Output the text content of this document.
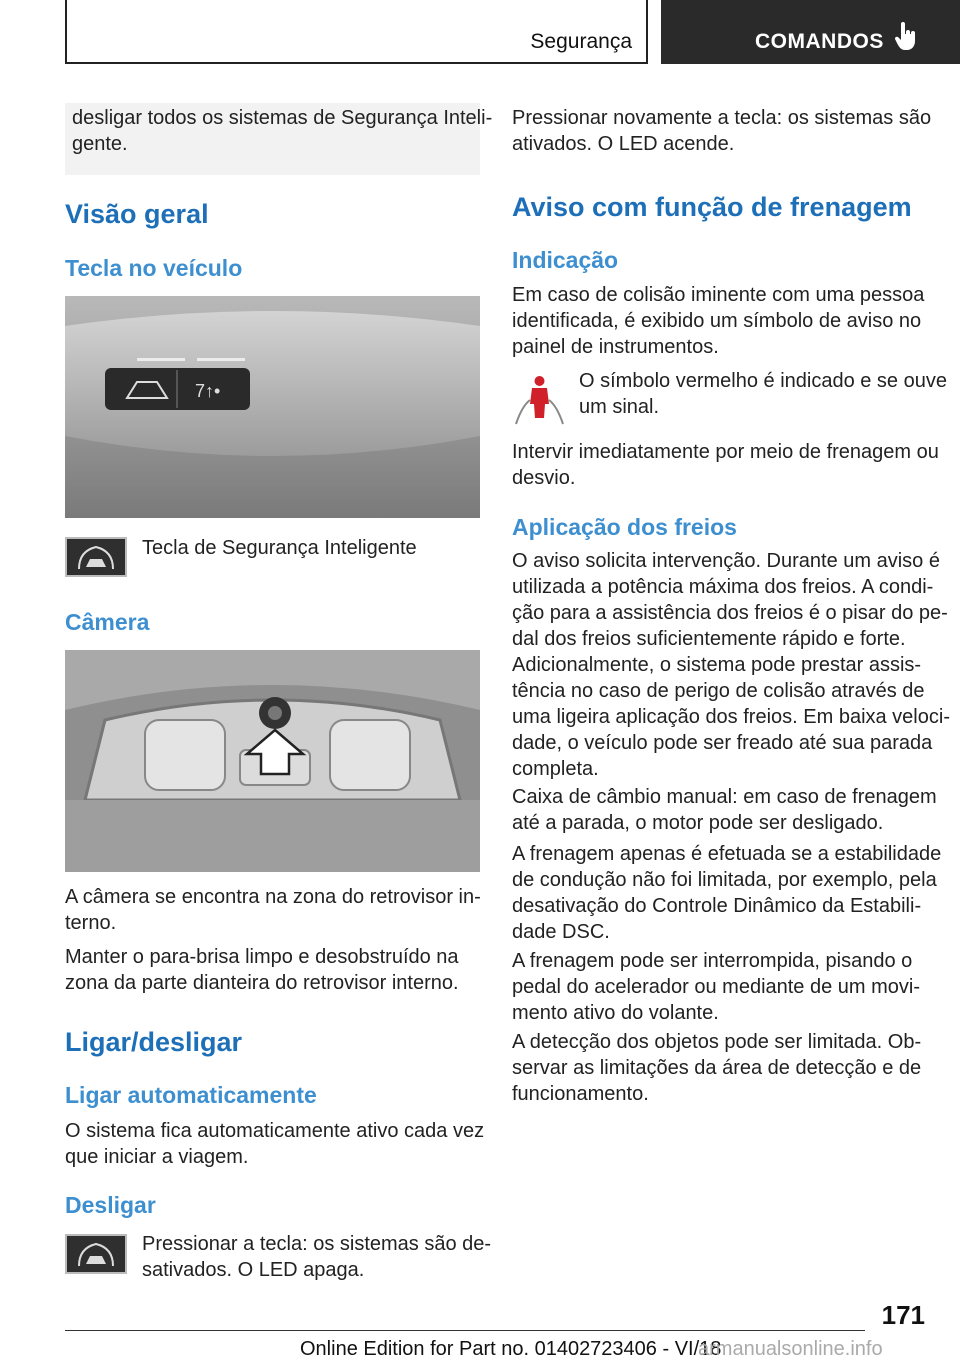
Segurança	COMANDOS
desligar todos os sistemas de Segurança Inteli‐
gente.
Visão geral
Tecla no veículo
7↑•
Tecla de Segurança Inteligente
Câmera
A câmera se encontra na zona do retrovisor in‐
terno.
Manter o para-brisa limpo e desobstruído na
zona da parte dianteira do retrovisor interno.
Ligar/desligar
Ligar automaticamente
O sistema fica automaticamente ativo cada vez
que iniciar a viagem.
Desligar
Pressionar a tecla: os sistemas são de‐
sativados. O LED apaga.
Pressionar novamente a tecla: os sistemas são
ativados. O LED acende.
Aviso com função de frenagem
Indicação
Em caso de colisão iminente com uma pessoa
identificada, é exibido um símbolo de aviso no
painel de instrumentos.
O símbolo vermelho é indicado e se ouve
um sinal.
Intervir imediatamente por meio de frenagem ou
desvio.
Aplicação dos freios
O aviso solicita intervenção. Durante um aviso é
utilizada a potência máxima dos freios. A condi‐
ção para a assistência dos freios é o pisar do pe‐
dal dos freios suficientemente rápido e forte.
Adicionalmente, o sistema pode prestar assis‐
tência no caso de perigo de colisão através de
uma ligeira aplicação dos freios. Em baixa veloci‐
dade, o veículo pode ser freado até sua parada
completa.
Caixa de câmbio manual: em caso de frenagem
até a parada, o motor pode ser desligado.
A frenagem apenas é efetuada se a estabilidade
de condução não foi limitada, por exemplo, pela
desativação do Controle Dinâmico da Estabili‐
dade DSC.
A frenagem pode ser interrompida, pisando o
pedal do acelerador ou mediante de um movi‐
mento ativo do volante.
A detecção dos objetos pode ser limitada. Ob‐
servar as limitações da área de detecção e de
funcionamento.
171
Online Edition for Part no. 01402723406 - VI/18
armanualsonline.info
